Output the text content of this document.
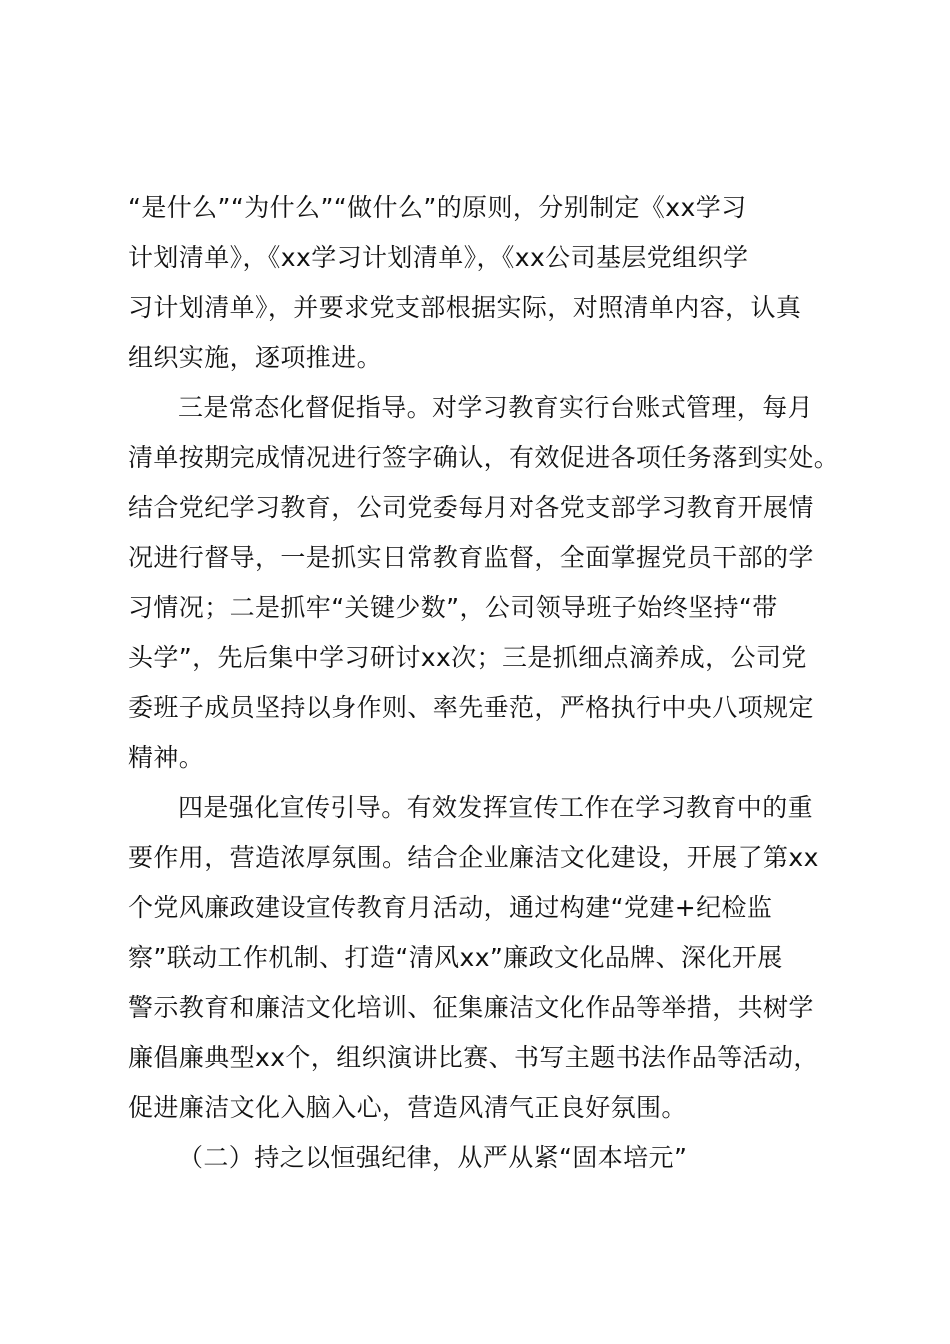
“是什么”“为什么”“做什么”的原则，分别制定《xx学习
计划清单》，《xx学习计划清单》，《xx公司基层党组织学
习计划清单》，并要求党支部根据实际，对照清单内容，认真
组织实施，逐项推进。
三是常态化督促指导。对学习教育实行台账式管理，每月
清单按期完成情况进行签字确认，有效促进各项任务落到实处。
结合党纪学习教育，公司党委每月对各党支部学习教育开展情
况进行督导，一是抓实日常教育监督，全面掌握党员干部的学
习情况；二是抓牢“关键少数”，公司领导班子始终坚持“带
头学”，先后集中学习研讨xx次；三是抓细点滴养成，公司党
委班子成员坚持以身作则、率先垂范，严格执行中央八项规定
精神。
四是强化宣传引导。有效发挥宣传工作在学习教育中的重
要作用，营造浓厚氛围。结合企业廉洁文化建设，开展了第xx
个党风廉政建设宣传教育月活动，通过构建“党建+纪检监
察”联动工作机制、打造“清风xx”廉政文化品牌、深化开展
警示教育和廉洁文化培训、征集廉洁文化作品等举措，共树学
廉倡廉典型xx个，组织演讲比赛、书写主题书法作品等活动，
促进廉洁文化入脑入心，营造风清气正良好氛围。
（二）持之以恒强纪律，从严从紧“固本培元”
